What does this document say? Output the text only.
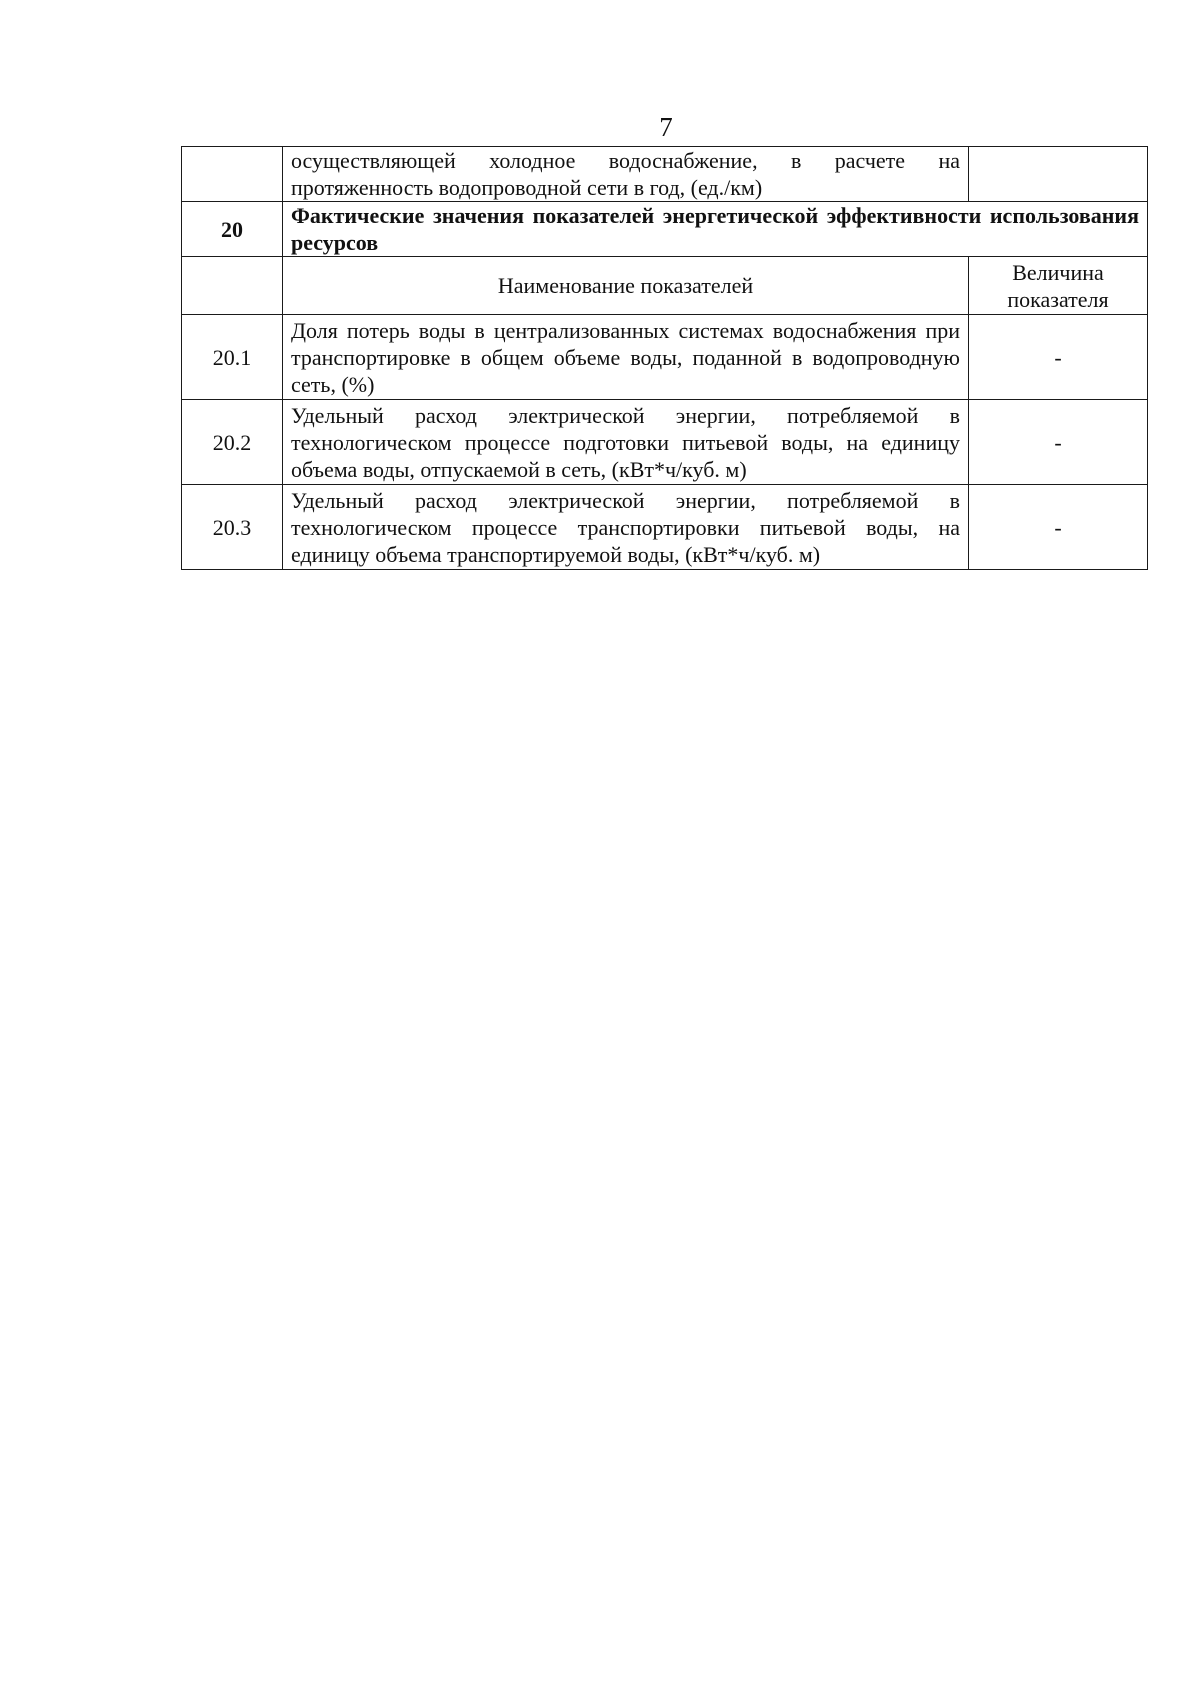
7
	осуществляющей холодное водоснабжение, в расчете на протяженность водопроводной сети в год, (ед./км)	
20	Фактические значения показателей энергетической эффективности использования ресурсов	
	Наименование показателей	Величина показателя
20.1	Доля потерь воды в централизованных системах водоснабжения при транспортировке в общем объеме воды, поданной в водопроводную сеть, (%)	-
20.2	Удельный расход электрической энергии, потребляемой в технологическом процессе подготовки питьевой воды, на единицу объема воды, отпускаемой в сеть, (кВт*ч/куб. м)	-
20.3	Удельный расход электрической энергии, потребляемой в технологическом процессе транспортировки питьевой воды, на единицу объема транспортируемой воды, (кВт*ч/куб. м)	-
